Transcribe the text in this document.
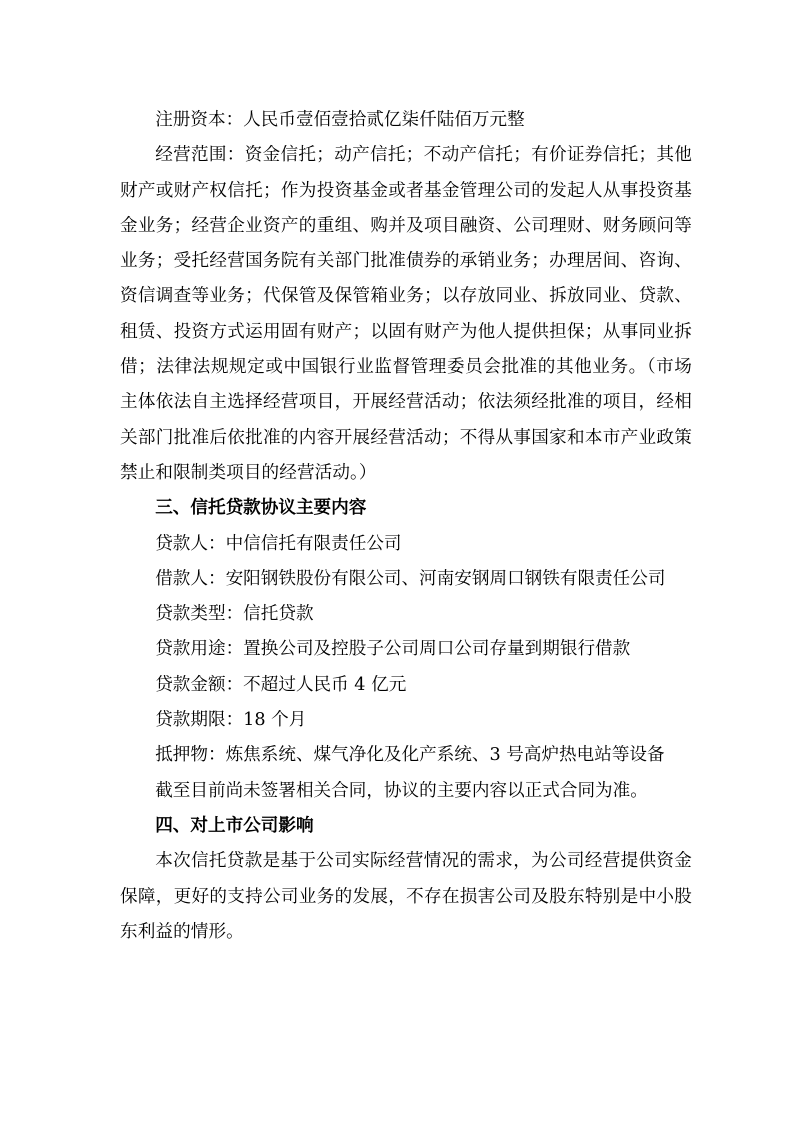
注册资本：人民币壹佰壹拾贰亿柒仟陆佰万元整

经营范围：资金信托；动产信托；不动产信托；有价证券信托；其他财产或财产权信托；作为投资基金或者基金管理公司的发起人从事投资基金业务；经营企业资产的重组、购并及项目融资、公司理财、财务顾问等业务；受托经营国务院有关部门批准债券的承销业务；办理居间、咨询、资信调查等业务；代保管及保管箱业务；以存放同业、拆放同业、贷款、租赁、投资方式运用固有财产；以固有财产为他人提供担保；从事同业拆借；法律法规规定或中国银行业监督管理委员会批准的其他业务。（市场主体依法自主选择经营项目，开展经营活动；依法须经批准的项目，经相关部门批准后依批准的内容开展经营活动；不得从事国家和本市产业政策禁止和限制类项目的经营活动。）

三、信托贷款协议主要内容

贷款人：中信信托有限责任公司

借款人：安阳钢铁股份有限公司、河南安钢周口钢铁有限责任公司

贷款类型：信托贷款

贷款用途：置换公司及控股子公司周口公司存量到期银行借款

贷款金额：不超过人民币 4 亿元

贷款期限：18 个月

抵押物：炼焦系统、煤气净化及化产系统、3 号高炉热电站等设备

截至目前尚未签署相关合同，协议的主要内容以正式合同为准。

四、对上市公司影响

本次信托贷款是基于公司实际经营情况的需求，为公司经营提供资金保障，更好的支持公司业务的发展，不存在损害公司及股东特别是中小股东利益的情形。
